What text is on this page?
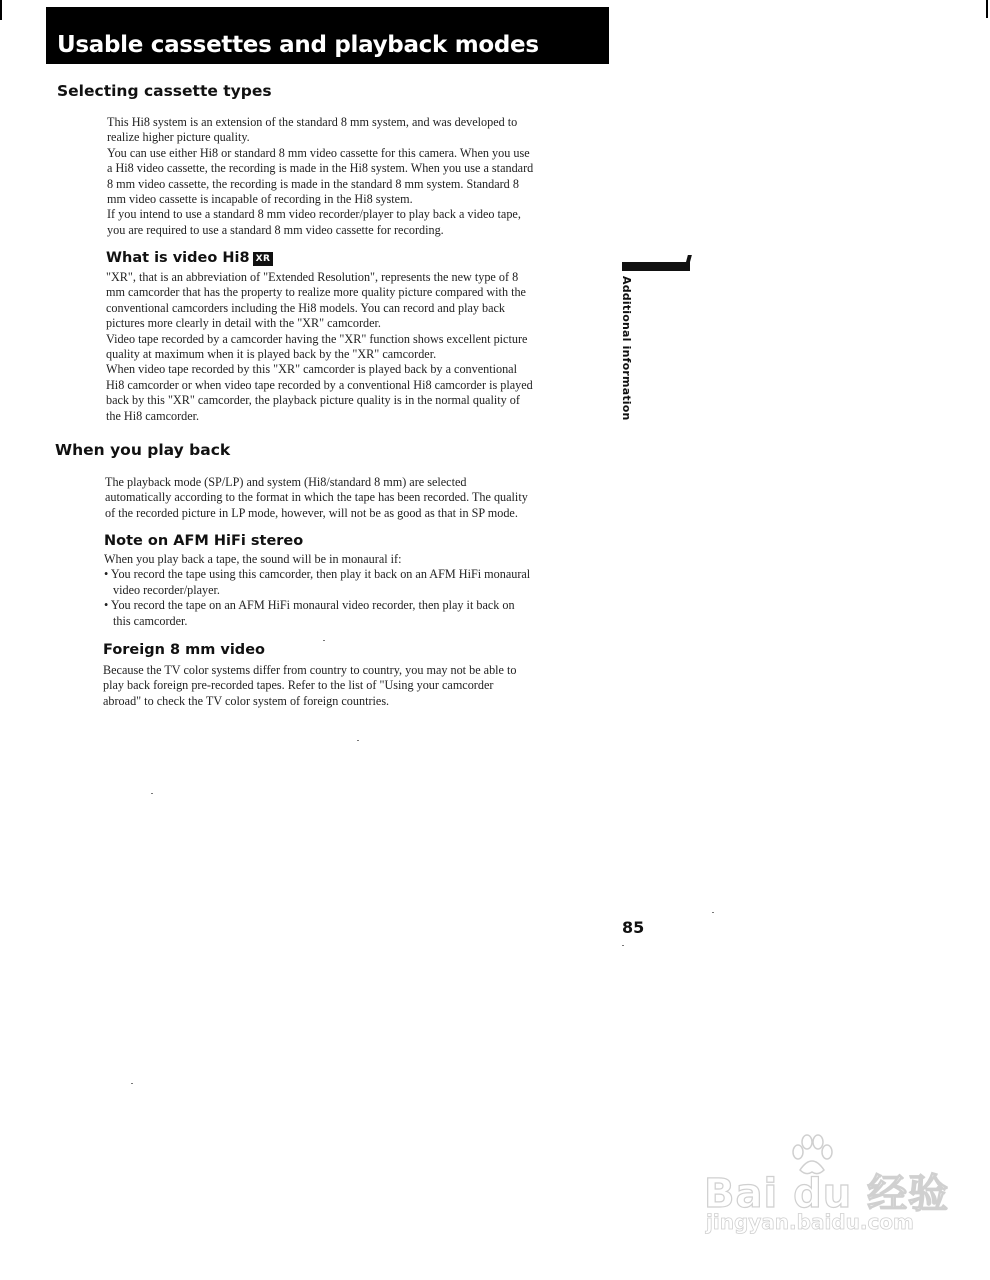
Usable cassettes and playback modes
Selecting cassette types
This Hi8 system is an extension of the standard 8 mm system, and was developed to
realize higher picture quality.
You can use either Hi8 or standard 8 mm video cassette for this camera. When you use
a Hi8 video cassette, the recording is made in the Hi8 system. When you use a standard
8 mm video cassette, the recording is made in the standard 8 mm system. Standard 8
mm video cassette is incapable of recording in the Hi8 system.
If you intend to use a standard 8 mm video recorder/player to play back a video tape,
you are required to use a standard 8 mm video cassette for recording.
What is video Hi8 XR
"XR", that is an abbreviation of "Extended Resolution", represents the new type of 8
mm camcorder that has the property to realize more quality picture compared with the
conventional camcorders including the Hi8 models. You can record and play back
pictures more clearly in detail with the "XR" camcorder.
Video tape recorded by a camcorder having the "XR" function shows excellent picture
quality at maximum when it is played back by the "XR" camcorder.
When video tape recorded by this "XR" camcorder is played back by a conventional
Hi8 camcorder or when video tape recorded by a conventional Hi8 camcorder is played
back by this "XR" camcorder, the playback picture quality is in the normal quality of
the Hi8 camcorder.	Additional information
When you play back
The playback mode (SP/LP) and system (Hi8/standard 8 mm) are selected
automatically according to the format in which the tape has been recorded. The quality
of the recorded picture in LP mode, however, will not be as good as that in SP mode.
Note on AFM HiFi stereo
When you play back a tape, the sound will be in monaural if:
• You record the tape using this camcorder, then play it back on an AFM HiFi monaural
video recorder/player.
• You record the tape on an AFM HiFi monaural video recorder, then play it back on
this camcorder.
Foreign 8 mm video
Because the TV color systems differ from country to country, you may not be able to
play back foreign pre-recorded tapes. Refer to the list of "Using your camcorder
abroad" to check the TV color system of foreign countries.
85
Bai du 经验
jingyan.baidu.com
